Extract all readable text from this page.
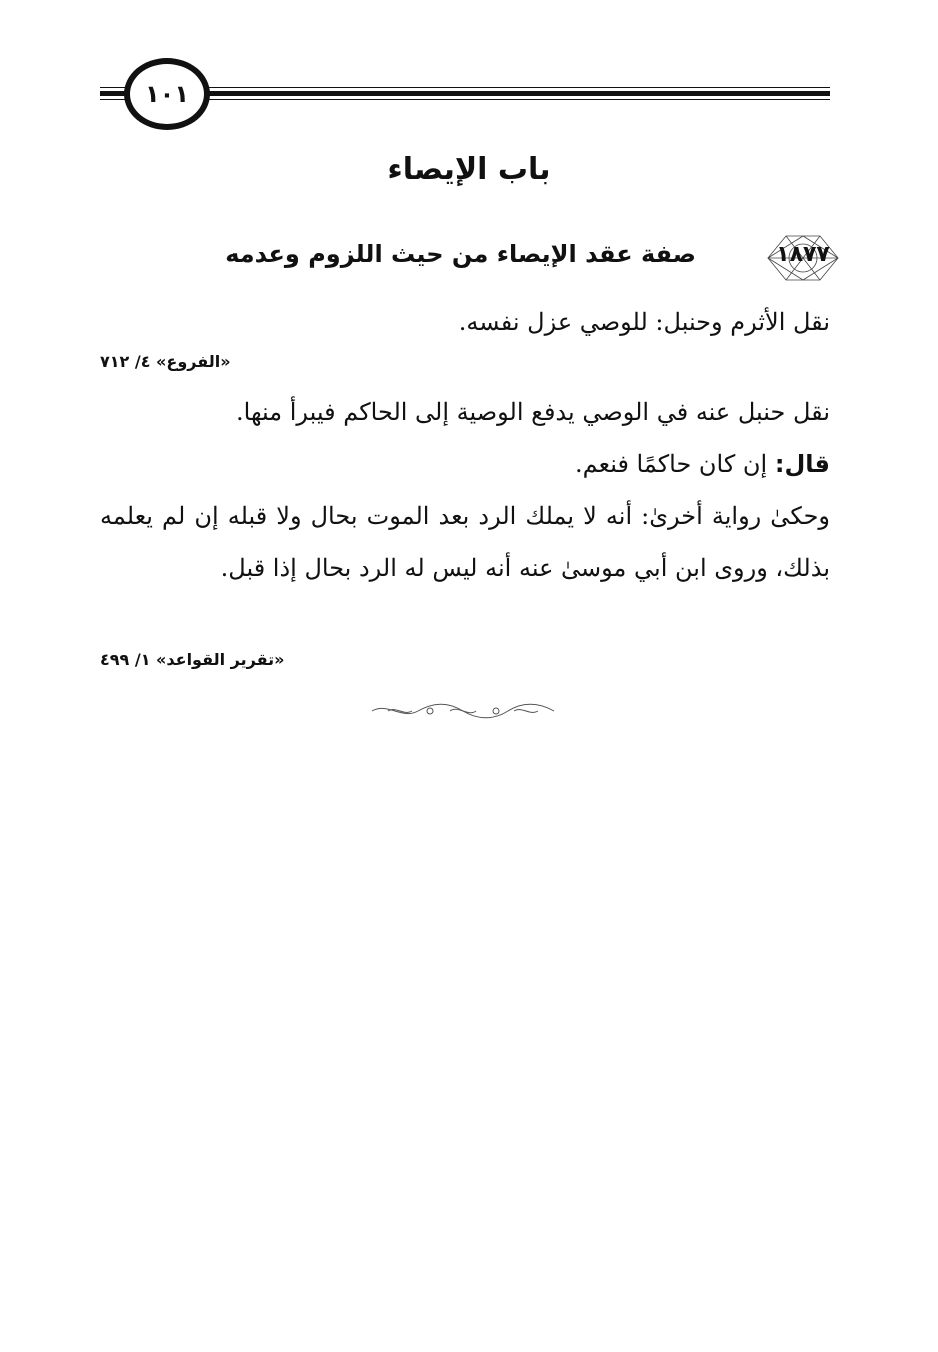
١٠١
باب الإيصاء
١٨٧٧
صفة عقد الإيصاء من حيث اللزوم وعدمه
نقل الأثرم وحنبل: للوصي عزل نفسه.
«الفروع» ٤/ ٧١٢
نقل حنبل عنه في الوصي يدفع الوصية إلى الحاكم فيبرأ منها.
قال: إن كان حاكمًا فنعم.
وحكىٰ رواية أخرىٰ: أنه لا يملك الرد بعد الموت بحال ولا قبله إن لم يعلمه بذلك، وروى ابن أبي موسىٰ عنه أنه ليس له الرد بحال إذا قبل.
«تقرير القواعد» ١/ ٤٩٩
